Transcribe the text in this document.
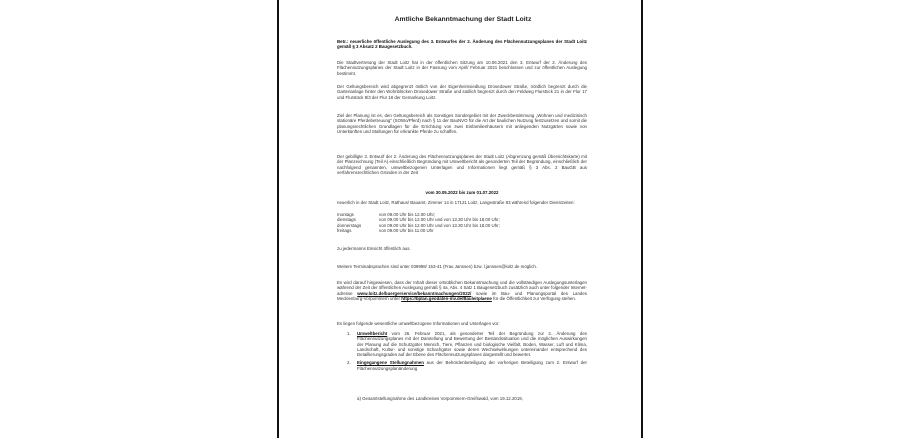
Amtliche Bekanntmachung der Stadt Loitz

Betr.: neuerliche öffentliche Auslegung des 3. Entwurfes der 2. Änderung des Flächennutzungsplanes der Stadt Loitz gemäß § 3 Absatz 2 Baugesetzbuch.

Die Stadtvertretung der Stadt Loitz hat in der öffentlichen Sitzung am 10.06.2021 den 3. Entwurf der 2. Änderung des Flächennutzungsplanes der Stadt Loitz in der Fassung vom April/ Februar 2021 beschlossen und zur öffentlichen Auslegung bestimmt.

Der Geltungsbereich wird abgegrenzt östlich von der Eigenheimsiedlung Drosedower Straße, nördlich begrenzt durch die Gartenanlage hinter den Wohnblöcken Drosedower Straße und südlich begrenzt durch den Feldweg Flurstück 21 in der Flur 17 und Flurstück 8/3 der Flur 18 der Gemarkung Loitz.

Ziel der Planung ist es, den Geltungsbereich als Sonstiges Sondergebiet mit der Zweckbestimmung „Wohnen und medizinisch stationäre Pferdebetreuung" (SOWo/Pferd) nach § 11 der BauNVO für die Art der baulichen Nutzung festzusetzen und somit die planungsrechtlichen Grundlagen für die Errichtung von zwei Einfamilienhäusern mit anliegenden Nutzgärten sowie von Unterkünften und Stallungen für erkrankte Pferde zu schaffen.

Der gebilligte 3. Entwurf der 2. Änderung des Flächennutzungsplanes der Stadt Loitz (Abgrenzung gemäß Übersichtskarte) mit der Planzeichnung (Teil A) einschließlich Begründung mit Umweltbericht als gesonderten Teil der Begründung, einschließlich der nachfolgend genannten, umweltbezogenen Unterlagen und Informationen liegt gemäß § 3 Abs. 2 BauGB aus verfahrensrechtlichen Gründen in der Zeit

vom 30.05.2022 bis zum 01.07.2022

neuerlich in der Stadt Loitz, Rathaus/ Bauamt, Zimmer 14 in 17121 Loitz, Langestraße 83 während folgender Dienstzeiten:

montags	von 09.00 Uhr bis 12.00 Uhr;
dienstags	von 09.00 Uhr bis 12.00 Uhr und von 13.30 Uhr bis 18.00 Uhr;
donnerstags	von 09.00 Uhr bis 12.00 Uhr und von 13.30 Uhr bis 18.00 Uhr;
freitags	von 09.00 Uhr bis 11.00 Uhr

zu jedermanns Einsicht öffentlich aus.

Weitere Terminabsprachen sind unter 039998/ 153-41 (Frau Janssen) bzw. l.janssen@loitz.de möglich.

Es wird darauf hingewiesen, dass der Inhalt dieser ortsüblichen Bekanntmachung und die vollständigen Auslegungsunterlagen während der Zeit der öffentlichen Auslegung gemäß § 4a, Abs. 4 Satz 1 Baugesetzbuch zusätzlich auch unter folgender Internet-adresse www.loitz.de/buergerservice/bekanntmachungen/2022/ sowie im Bau- und Planungsportal des Landes Mecklenburg-Vorpommern unter https://bplan.geodaten-mv.de/Bauleitplaene für die Öffentlichkeit zur Verfügung stehen.

Es liegen folgende wesentliche umweltbezogene Informationen und Unterlagen vor:

1.	Umweltbericht vom 26. Februar 2021, als gesonderter Teil der Begründung zur 2. Änderung des Flächennutzungsplanes mit der Darstellung und Bewertung der Bestandssituation und die möglichen Auswirkungen der Planung auf die Schutzgüter Mensch, Tiere, Pflanzen und biologische Vielfalt, Boden, Wasser, Luft und Klima, Landschaft, Kultur- und sonstige Schachgüter sowie deren Wechselwirkungen untereinander entsprechend des Detaillierungsgrades auf der Ebene des Flächennutzungsplanes dargestellt und bewertet.
2.	Eingegangene Stellungnahmen aus der Behördenbeteiligung der vorherigen Beteiligung zum 2. Entwurf der Flächennutzungsplanänderung

a) Gesamtstellungnahme des Landkreises Vorpommern-Greifswald, vom 19.12.2019,
